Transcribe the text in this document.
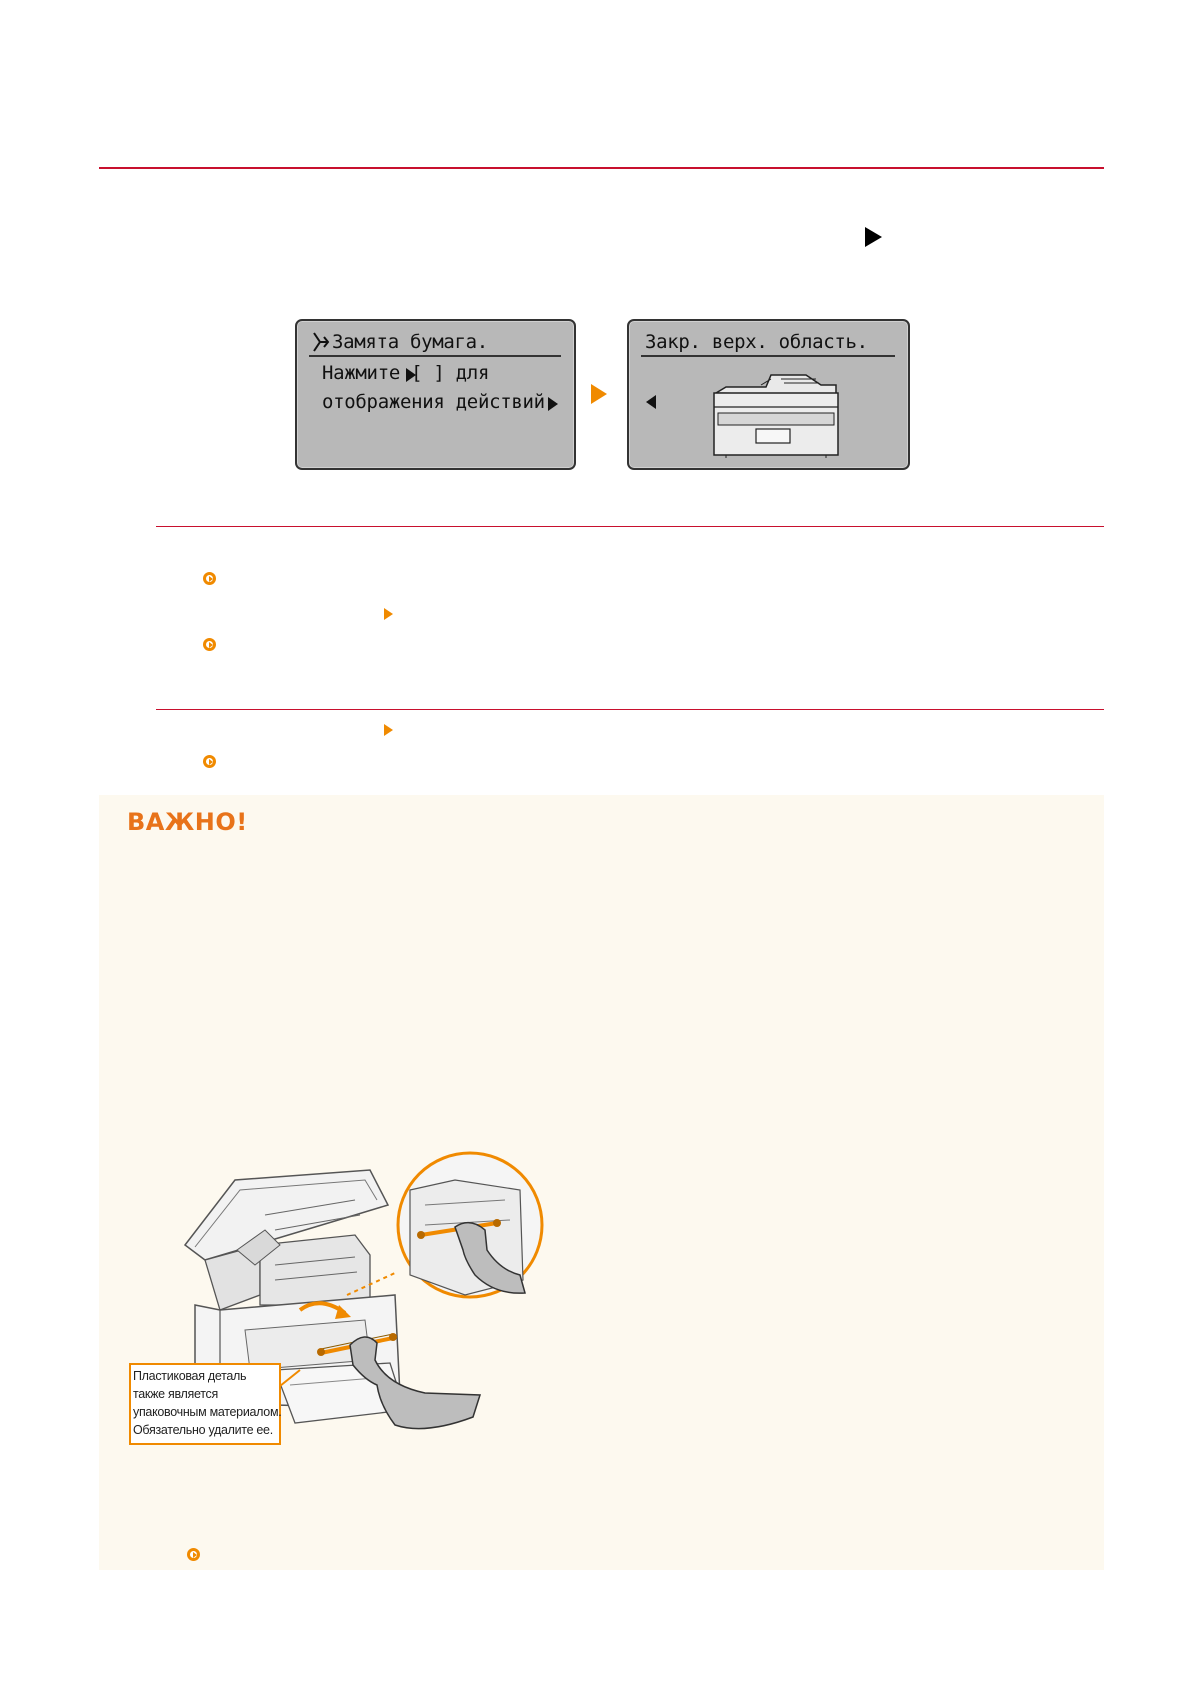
Замята бумага.
Нажмите [ ] для
отображения действий.
Закр. верх. область.
ВАЖНО!
Пластиковая деталь
также является
упаковочным материалом.
Обязательно удалите ее.
